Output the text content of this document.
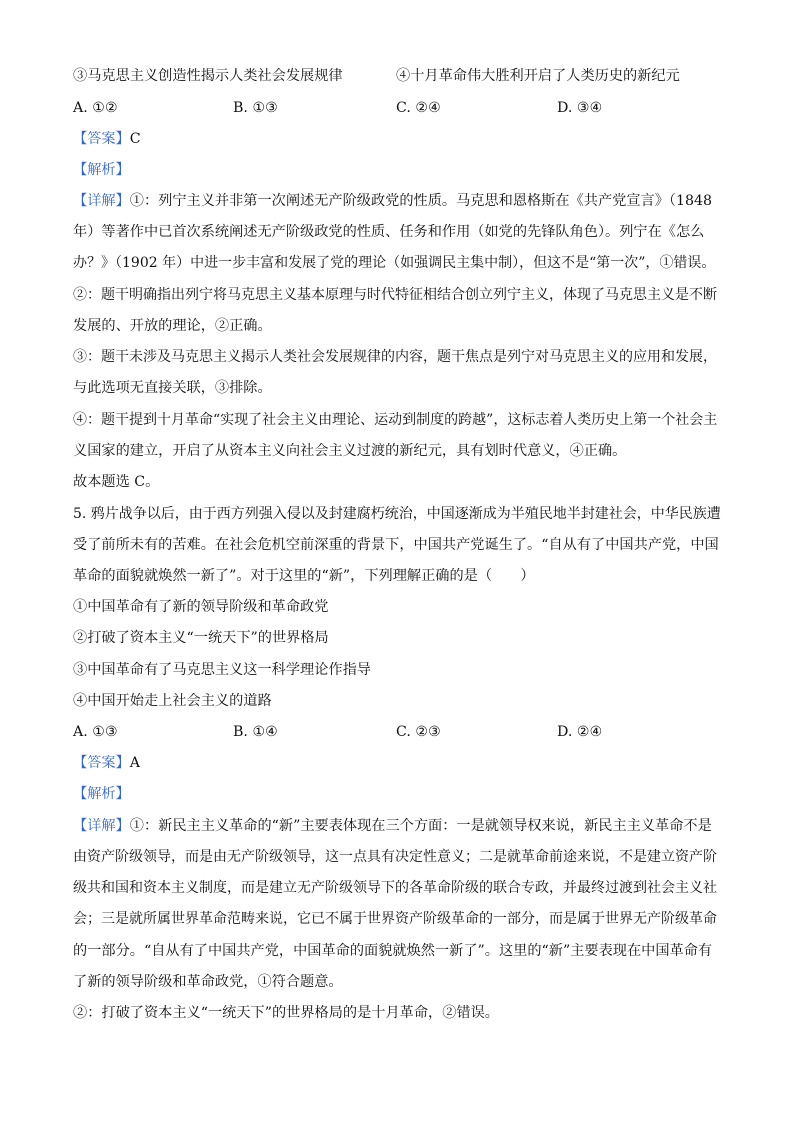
③马克思主义创造性揭示人类社会发展规律	④十月革命伟大胜利开启了人类历史的新纪元
A. ①②	B. ①③	C. ②④	D. ③④
【答案】C
【解析】
【详解】①：列宁主义并非第一次阐述无产阶级政党的性质。马克思和恩格斯在《共产党宣言》（1848
年）等著作中已首次系统阐述无产阶级政党的性质、任务和作用（如党的先锋队角色）。列宁在《怎么
办？》（1902 年）中进一步丰富和发展了党的理论（如强调民主集中制），但这不是“第一次”，①错误。
②：题干明确指出列宁将马克思主义基本原理与时代特征相结合创立列宁主义，体现了马克思主义是不断
发展的、开放的理论，②正确。
③：题干未涉及马克思主义揭示人类社会发展规律的内容，题干焦点是列宁对马克思主义的应用和发展，
与此选项无直接关联，③排除。
④：题干提到十月革命“实现了社会主义由理论、运动到制度的跨越”，这标志着人类历史上第一个社会主
义国家的建立，开启了从资本主义向社会主义过渡的新纪元，具有划时代意义，④正确。
故本题选 C。
5. 鸦片战争以后，由于西方列强入侵以及封建腐朽统治，中国逐渐成为半殖民地半封建社会，中华民族遭
受了前所未有的苦难。在社会危机空前深重的背景下，中国共产党诞生了。“自从有了中国共产党，中国
革命的面貌就焕然一新了”。对于这里的“新”，下列理解正确的是（　　）
①中国革命有了新的领导阶级和革命政党
②打破了资本主义“一统天下”的世界格局
③中国革命有了马克思主义这一科学理论作指导
④中国开始走上社会主义的道路
A. ①③	B. ①④	C. ②③	D. ②④
【答案】A
【解析】
【详解】①：新民主主义革命的“新”主要表体现在三个方面：一是就领导权来说，新民主主义革命不是
由资产阶级领导，而是由无产阶级领导，这一点具有决定性意义；二是就革命前途来说，不是建立资产阶
级共和国和资本主义制度，而是建立无产阶级领导下的各革命阶级的联合专政，并最终过渡到社会主义社
会；三是就所属世界革命范畴来说，它已不属于世界资产阶级革命的一部分，而是属于世界无产阶级革命
的一部分。“自从有了中国共产党，中国革命的面貌就焕然一新了”。这里的“新”主要表现在中国革命有
了新的领导阶级和革命政党，①符合题意。
②：打破了资本主义“一统天下”的世界格局的是十月革命，②错误。
